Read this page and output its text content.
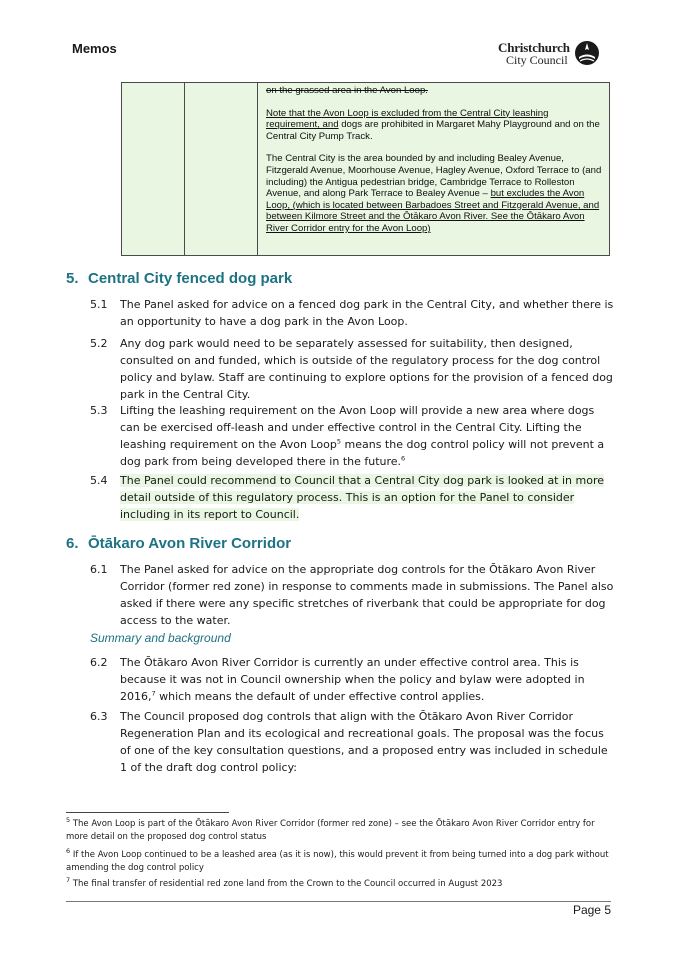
Memos	Christchurch
City Council

on the grassed area in the Avon Loop.

Note that the Avon Loop is excluded from the Central City leashing requirement, and dogs are prohibited in Margaret Mahy Playground and on the Central City Pump Track.

The Central City is the area bounded by and including Bealey Avenue, Fitzgerald Avenue, Moorhouse Avenue, Hagley Avenue, Oxford Terrace to (and including) the Antigua pedestrian bridge, Cambridge Terrace to Rolleston Avenue, and along Park Terrace to Bealey Avenue – but excludes the Avon Loop, (which is located between Barbadoes Street and Fitzgerald Avenue, and between Kilmore Street and the Ōtākaro Avon River. See the Ōtākaro Avon River Corridor entry for the Avon Loop)

5. Central City fenced dog park
5.1 The Panel asked for advice on a fenced dog park in the Central City, and whether there is an opportunity to have a dog park in the Avon Loop.
5.2 Any dog park would need to be separately assessed for suitability, then designed, consulted on and funded, which is outside of the regulatory process for the dog control policy and bylaw. Staff are continuing to explore options for the provision of a fenced dog park in the Central City.
5.3 Lifting the leashing requirement on the Avon Loop will provide a new area where dogs can be exercised off-leash and under effective control in the Central City. Lifting the leashing requirement on the Avon Loop$^5$ means the dog control policy will not prevent a dog park from being developed there in the future.$^6$
5.4 The Panel could recommend to Council that a Central City dog park is looked at in more detail outside of this regulatory process. This is an option for the Panel to consider including in its report to Council.
6. Ōtākaro Avon River Corridor
6.1 The Panel asked for advice on the appropriate dog controls for the Ōtākaro Avon River Corridor (former red zone) in response to comments made in submissions. The Panel also asked if there were any specific stretches of riverbank that could be appropriate for dog access to the water.
Summary and background
6.2 The Ōtākaro Avon River Corridor is currently an under effective control area. This is because it was not in Council ownership when the policy and bylaw were adopted in 2016,$^7$ which means the default of under effective control applies.
6.3 The Council proposed dog controls that align with the Ōtākaro Avon River Corridor Regeneration Plan and its ecological and recreational goals. The proposal was the focus of one of the key consultation questions, and a proposed entry was included in schedule 1 of the draft dog control policy:
$^5$ The Avon Loop is part of the Ōtākaro Avon River Corridor (former red zone) – see the Ōtākaro Avon River Corridor entry for more detail on the proposed dog control status
$^6$ If the Avon Loop continued to be a leashed area (as it is now), this would prevent it from being turned into a dog park without amending the dog control policy
$^7$ The final transfer of residential red zone land from the Crown to the Council occurred in August 2023
Page 5
